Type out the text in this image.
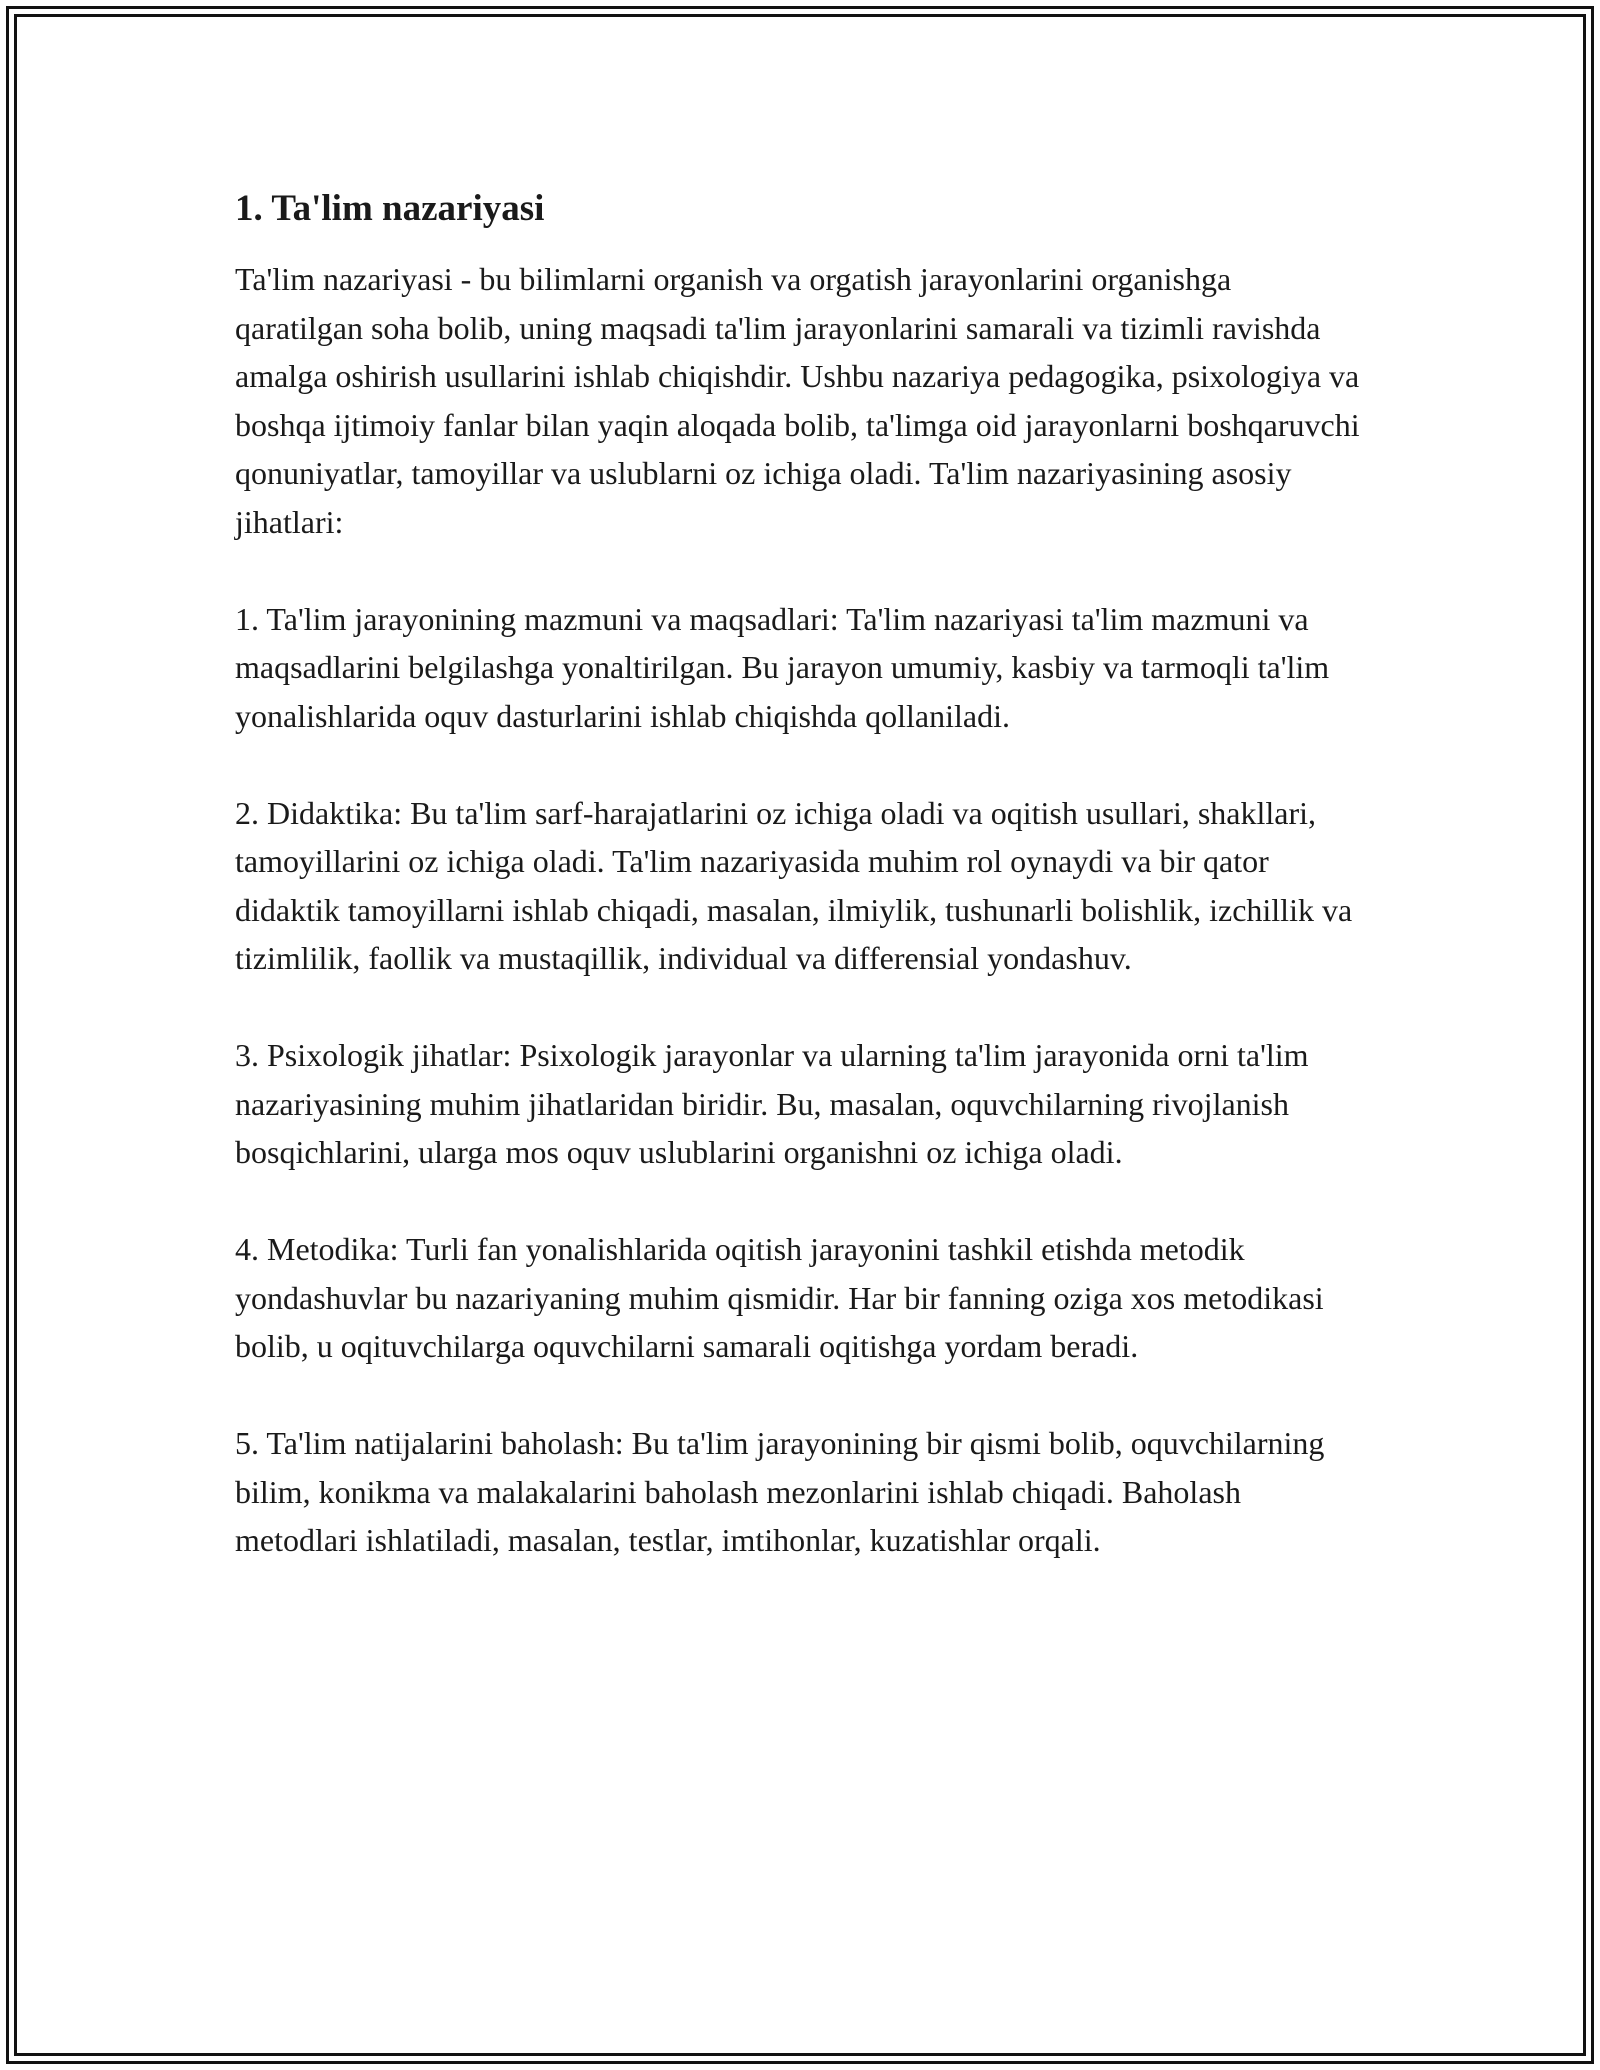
1. Ta'lim nazariyasi

Ta'lim nazariyasi - bu bilimlarni organish va orgatish jarayonlarini organishga qaratilgan soha bolib, uning maqsadi ta'lim jarayonlarini samarali va tizimli ravishda amalga oshirish usullarini ishlab chiqishdir. Ushbu nazariya pedagogika, psixologiya va boshqa ijtimoiy fanlar bilan yaqin aloqada bolib, ta'limga oid jarayonlarni boshqaruvchi qonuniyatlar, tamoyillar va uslublarni oz ichiga oladi. Ta'lim nazariyasining asosiy jihatlari:

1. Ta'lim jarayonining mazmuni va maqsadlari: Ta'lim nazariyasi ta'lim mazmuni va maqsadlarini belgilashga yonaltirilgan. Bu jarayon umumiy, kasbiy va tarmoqli ta'lim yonalishlarida oquv dasturlarini ishlab chiqishda qollaniladi.

2. Didaktika: Bu ta'lim sarf-harajatlarini oz ichiga oladi va oqitish usullari, shakllari, tamoyillarini oz ichiga oladi. Ta'lim nazariyasida muhim rol oynaydi va bir qator didaktik tamoyillarni ishlab chiqadi, masalan, ilmiylik, tushunarli bolishlik, izchillik va tizimlilik, faollik va mustaqillik, individual va differensial yondashuv.

3. Psixologik jihatlar: Psixologik jarayonlar va ularning ta'lim jarayonida orni ta'lim nazariyasining muhim jihatlaridan biridir. Bu, masalan, oquvchilarning rivojlanish bosqichlarini, ularga mos oquv uslublarini organishni oz ichiga oladi.

4. Metodika: Turli fan yonalishlarida oqitish jarayonini tashkil etishda metodik yondashuvlar bu nazariyaning muhim qismidir. Har bir fanning oziga xos metodikasi bolib, u oqituvchilarga oquvchilarni samarali oqitishga yordam beradi.

5. Ta'lim natijalarini baholash: Bu ta'lim jarayonining bir qismi bolib, oquvchilarning bilim, konikma va malakalarini baholash mezonlarini ishlab chiqadi. Baholash metodlari ishlatiladi, masalan, testlar, imtihonlar, kuzatishlar orqali.
